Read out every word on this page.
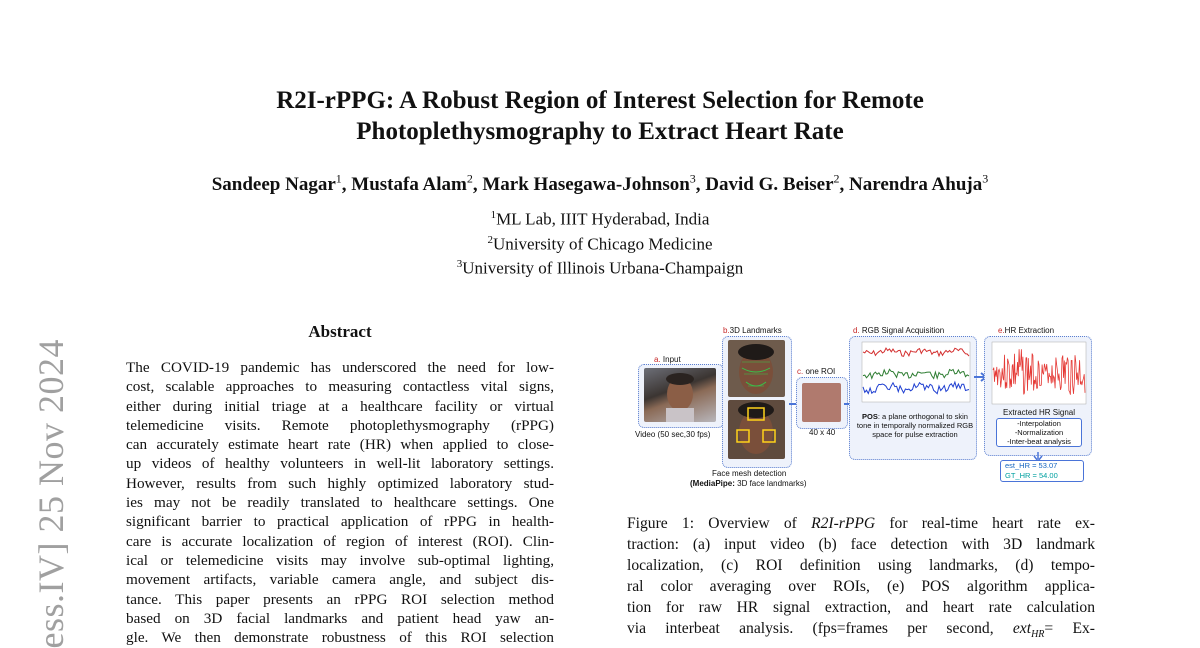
ess.IV] 25 Nov 2024
R2I-rPPG: A Robust Region of Interest Selection for Remote
Photoplethysmography to Extract Heart Rate
Sandeep Nagar$^1$, Mustafa Alam$^2$, Mark Hasegawa-Johnson$^3$, David G. Beiser$^2$, Narendra Ahuja$^3$
$^1$ML Lab, IIIT Hyderabad, India
$^2$University of Chicago Medicine
$^3$University of Illinois Urbana-Champaign
Abstract
The COVID-19 pandemic has underscored the need for low-
cost, scalable approaches to measuring contactless vital signs,
either during initial triage at a healthcare facility or virtual
telemedicine visits. Remote photoplethysmography (rPPG)
can accurately estimate heart rate (HR) when applied to close-
up videos of healthy volunteers in well-lit laboratory settings.
However, results from such highly optimized laboratory stud-
ies may not be readily translated to healthcare settings. One
significant barrier to practical application of rPPG in health-
care is accurate localization of region of interest (ROI). Clin-
ical or telemedicine visits may involve sub-optimal lighting,
movement artifacts, variable camera angle, and subject dis-
tance. This paper presents an rPPG ROI selection method
based on 3D facial landmarks and patient head yaw an-
gle. We then demonstrate robustness of this ROI selection
a. Input
Video (50 sec,30 fps)
b.3D Landmarks
Face mesh detection
(MediaPipe: 3D face landmarks)
c. one ROI
40 x 40
d. RGB Signal Acquisition
POS: a plane orthogonal to skin tone in temporally normalized RGB space for pulse extraction
e.HR Extraction
Extracted HR Signal
-Interpolation
-Normalization
-Inter-beat analysis
est_HR = 53.07
GT_HR = 54.00
Figure 1: Overview of R2I-rPPG for real-time heart rate ex-
traction: (a) input video (b) face detection with 3D landmark
localization, (c) ROI definition using landmarks, (d) tempo-
ral color averaging over ROIs, (e) POS algorithm applica-
tion for raw HR signal extraction, and heart rate calculation
via interbeat analysis. (fps=frames per second, ext$_{HR}$= Ex-
